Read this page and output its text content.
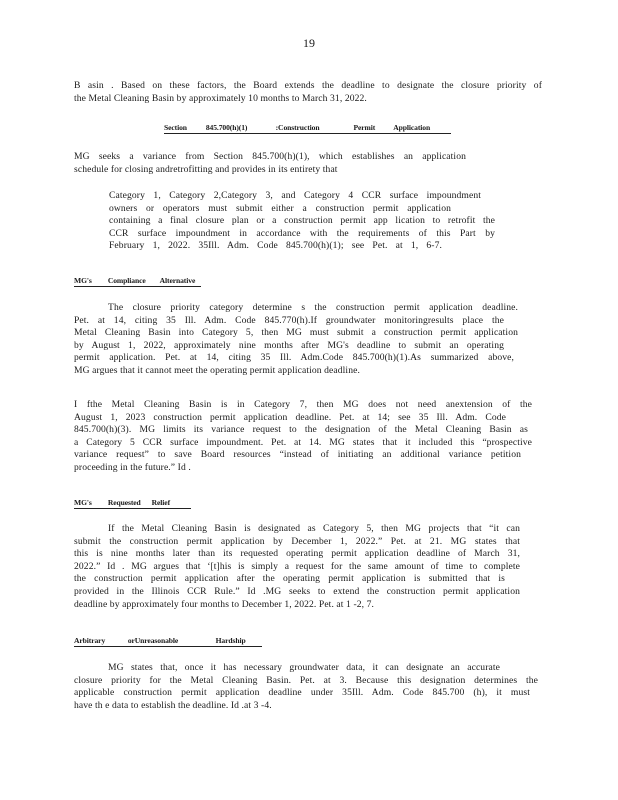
19
B asin . Based on these factors, the Board extends the deadline to designate the closure priority of
the Metal Cleaning Basin by approximately 10 months to March 31, 2022.
Section 845.700(h)(1)	:Construction	Permit Application
MG seeks a variance from Section 845.700(h)(1), which establishes an application
schedule for closing andretrofitting and provides in its entirety that
Category 1, Category 2,Category 3, and Category 4 CCR surface impoundment
owners or operators must submit either a construction permit application
containing a final closure plan or a construction permit app lication to retrofit the
CCR surface impoundment in accordance with the requirements of this Part by
February 1, 2022. 35Ill. Adm. Code 845.700(h)(1); see Pet. at 1, 6-7.
MG's Compliance Alternative
The closure priority category determine s the construction permit application deadline.
Pet. at 14, citing 35 Ill. Adm. Code 845.770(h).If groundwater monitoringresults place the
Metal Cleaning Basin into Category 5, then MG must submit a construction permit application
by August 1, 2022, approximately nine months after MG's deadline to submit an operating
permit application. Pet. at 14, citing 35 Ill. Adm.Code 845.700(h)(1).As summarized above,
MG argues that it cannot meet the operating permit application deadline.
I fthe Metal Cleaning Basin is in Category 7, then MG does not need anextension of the
August 1, 2023 construction permit application deadline. Pet. at 14; see 35 Ill. Adm. Code
845.700(h)(3). MG limits its variance request to the designation of the Metal Cleaning Basin as
a Category 5 CCR surface impoundment. Pet. at 14. MG states that it included this “prospective
variance request” to save Board resources “instead of initiating an additional variance petition
proceeding in the future.” Id .
MG's Requested Relief
If the Metal Cleaning Basin is designated as Category 5, then MG projects that “it can
submit the construction permit application by December 1, 2022.” Pet. at 21. MG states that
this is nine months later than its requested operating permit application deadline of March 31,
2022.” Id . MG argues that ‘[t]his is simply a request for the same amount of time to complete
the construction permit application after the operating permit application is submitted that is
provided in the Illinois CCR Rule.” Id .MG seeks to extend the construction permit application
deadline by approximately four months to December 1, 2022. Pet. at 1 -2, 7.
Arbitrary	orUnreasonable	Hardship
MG states that, once it has necessary groundwater data, it can designate an accurate
closure priority for the Metal Cleaning Basin. Pet. at 3. Because this designation determines the
applicable construction permit application deadline under 35Ill. Adm. Code 845.700 (h), it must
have th e data to establish the deadline. Id .at 3 -4.
